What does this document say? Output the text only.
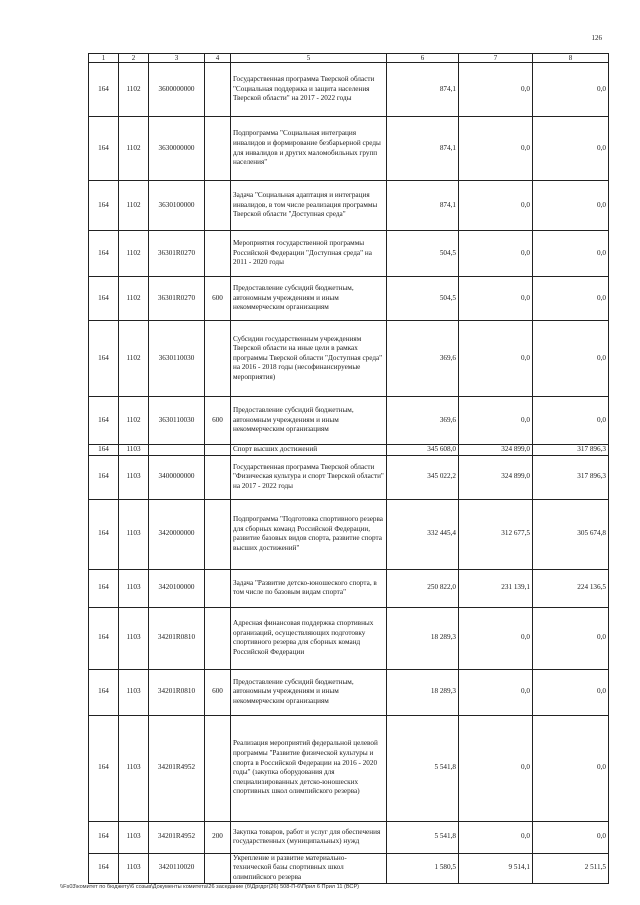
126
1	2	3	4	5	6	7	8
164	1102	3600000000		Государственная программа Тверской области "Социальная поддержка и защита населения Тверской области" на 2017 - 2022 годы	874,1	0,0	0,0
164	1102	3630000000		Подпрограмма "Социальная интеграция инвалидов и формирование безбарьерной среды для инвалидов и других маломобильных групп населения"	874,1	0,0	0,0
164	1102	3630100000		Задача "Социальная адаптация и интеграция инвалидов, в том числе реализация программы Тверской области "Доступная среда"	874,1	0,0	0,0
164	1102	36301R0270		Мероприятия государственной программы Российской Федерации "Доступная среда" на 2011 - 2020 годы	504,5	0,0	0,0
164	1102	36301R0270	600	Предоставление субсидий бюджетным, автономным учреждениям и иным некоммерческим организациям	504,5	0,0	0,0
164	1102	3630110030		Субсидии государственным учреждениям Тверской области на иные цели в рамках программы Тверской области "Доступная среда" на 2016 - 2018 годы (несофинансируемые мероприятия)	369,6	0,0	0,0
164	1102	3630110030	600	Предоставление субсидий бюджетным, автономным учреждениям и иным некоммерческим организациям	369,6	0,0	0,0
164	1103			Спорт высших достижений	345 608,0	324 899,0	317 896,3
164	1103	3400000000		Государственная программа Тверской области "Физическая культура и спорт Тверской области" на 2017 - 2022 годы	345 022,2	324 899,0	317 896,3
164	1103	3420000000		Подпрограмма "Подготовка спортивного резерва для сборных команд Российской Федерации, развитие базовых видов спорта, развитие спорта высших достижений"	332 445,4	312 677,5	305 674,8
164	1103	3420100000		Задача "Развитие детско-юношеского спорта, в том числе по базовым видам спорта"	250 822,0	231 139,1	224 136,5
164	1103	34201R0810		Адресная финансовая поддержка спортивных организаций, осуществляющих подготовку спортивного резерва для сборных команд Российской Федерации	18 289,3	0,0	0,0
164	1103	34201R0810	600	Предоставление субсидий бюджетным, автономным учреждениям и иным некоммерческим организациям	18 289,3	0,0	0,0
164	1103	34201R4952		Реализация мероприятий федеральной целевой программы "Развитие физической культуры и спорта в Российской Федерации на 2016 - 2020 годы" (закупка оборудования для специализированных детско-юношеских спортивных школ олимпийского резерва)	5 541,8	0,0	0,0
164	1103	34201R4952	200	Закупка товаров, работ и услуг для обеспечения государственных (муниципальных) нужд	5 541,8	0,0	0,0
164	1103	3420110020		Укрепление и развитие материально-технической базы спортивных школ олимпийского резерва	1 580,5	9 514,1	2 511,5
\\Fs03\комитет по бюджету\6 созыв\Документы комитета\26 заседание (б\Дргдрг(26) 508-П-6\Прил 6 Прил 11 (ВСР)
